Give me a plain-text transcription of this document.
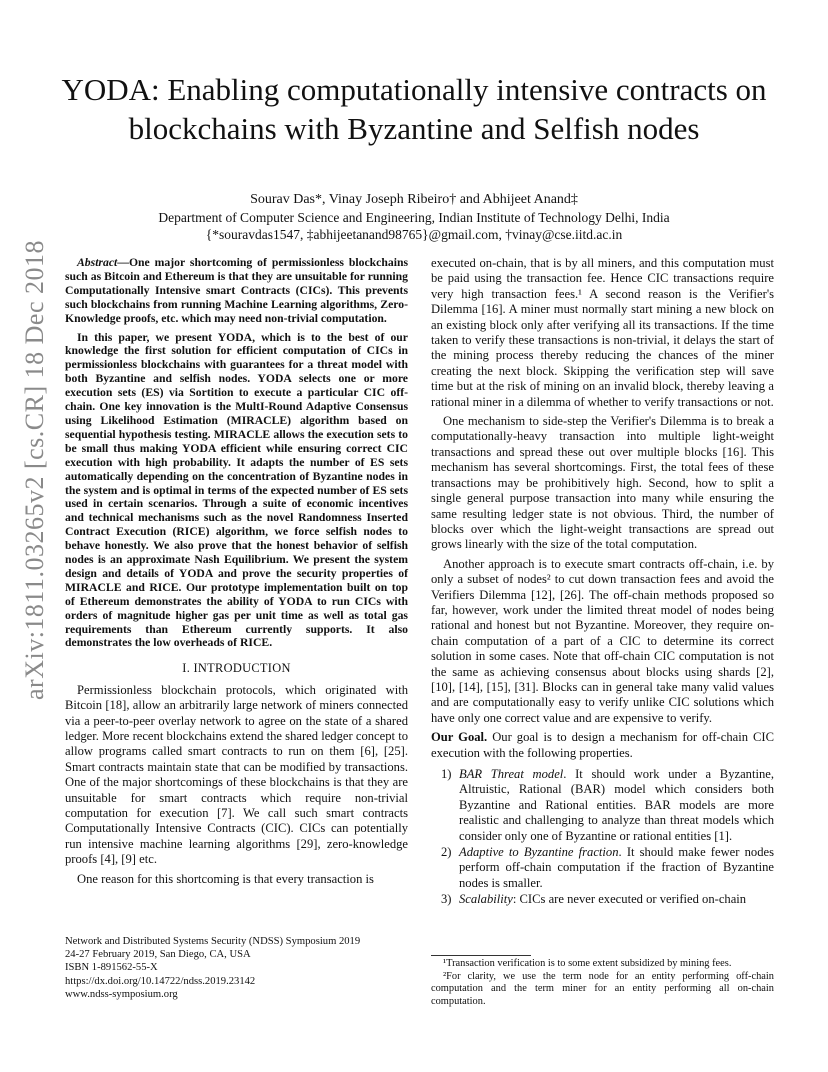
YODA: Enabling computationally intensive contracts on blockchains with Byzantine and Selfish nodes
Sourav Das*, Vinay Joseph Ribeiro† and Abhijeet Anand‡
Department of Computer Science and Engineering, Indian Institute of Technology Delhi, India
{*souravdas1547, ‡abhijeetanand98765}@gmail.com, †vinay@cse.iitd.ac.in
arXiv:1811.03265v2 [cs.CR] 18 Dec 2018	Abstract—One major shortcoming of permissionless blockchains such as Bitcoin and Ethereum is that they are unsuitable for running Computationally Intensive smart Contracts (CICs). This prevents such blockchains from running Machine Learning algorithms, Zero-Knowledge proofs, etc. which may need non-trivial computation.

In this paper, we present YODA, which is to the best of our knowledge the first solution for efficient computation of CICs in permissionless blockchains with guarantees for a threat model with both Byzantine and selfish nodes. YODA selects one or more execution sets (ES) via Sortition to execute a particular CIC off-chain. One key innovation is the MultI-Round Adaptive Consensus using Likelihood Estimation (MIRACLE) algorithm based on sequential hypothesis testing. MIRACLE allows the execution sets to be small thus making YODA efficient while ensuring correct CIC execution with high probability. It adapts the number of ES sets automatically depending on the concentration of Byzantine nodes in the system and is optimal in terms of the expected number of ES sets used in certain scenarios. Through a suite of economic incentives and technical mechanisms such as the novel Randomness Inserted Contract Execution (RICE) algorithm, we force selfish nodes to behave honestly. We also prove that the honest behavior of selfish nodes is an approximate Nash Equilibrium. We present the system design and details of YODA and prove the security properties of MIRACLE and RICE. Our prototype implementation built on top of Ethereum demonstrates the ability of YODA to run CICs with orders of magnitude higher gas per unit time as well as total gas requirements than Ethereum currently supports. It also demonstrates the low overheads of RICE.

I. INTRODUCTION

Permissionless blockchain protocols, which originated with Bitcoin [18], allow an arbitrarily large network of miners connected via a peer-to-peer overlay network to agree on the state of a shared ledger. More recent blockchains extend the shared ledger concept to allow programs called smart contracts to run on them [6], [25]. Smart contracts maintain state that can be modified by transactions. One of the major shortcomings of these blockchains is that they are unsuitable for smart contracts which require non-trivial computation for execution [7]. We call such smart contracts Computationally Intensive Contracts (CIC). CICs can potentially run intensive machine learning algorithms [29], zero-knowledge proofs [4], [9] etc.

One reason for this shortcoming is that every transaction is

executed on-chain, that is by all miners, and this computation must be paid using the transaction fee. Hence CIC transactions require very high transaction fees.¹ A second reason is the Verifier's Dilemma [16]. A miner must normally start mining a new block on an existing block only after verifying all its transactions. If the time taken to verify these transactions is non-trivial, it delays the start of the mining process thereby reducing the chances of the miner creating the next block. Skipping the verification step will save time but at the risk of mining on an invalid block, thereby leaving a rational miner in a dilemma of whether to verify transactions or not.

One mechanism to side-step the Verifier's Dilemma is to break a computationally-heavy transaction into multiple light-weight transactions and spread these out over multiple blocks [16]. This mechanism has several shortcomings. First, the total fees of these transactions may be prohibitively high. Second, how to split a single general purpose transaction into many while ensuring the same resulting ledger state is not obvious. Third, the number of blocks over which the light-weight transactions are spread out grows linearly with the size of the total computation.

Another approach is to execute smart contracts off-chain, i.e. by only a subset of nodes² to cut down transaction fees and avoid the Verifiers Dilemma [12], [26]. The off-chain methods proposed so far, however, work under the limited threat model of nodes being rational and honest but not Byzantine. Moreover, they require on-chain computation of a part of a CIC to determine its correct solution in some cases. Note that off-chain CIC computation is not the same as achieving consensus about blocks using shards [2], [10], [14], [15], [31]. Blocks can in general take many valid values and are computationally easy to verify unlike CIC solutions which have only one correct value and are expensive to verify.

Our Goal. Our goal is to design a mechanism for off-chain CIC execution with the following properties.

1) BAR Threat model. It should work under a Byzantine, Altruistic, Rational (BAR) model which considers both Byzantine and Rational entities. BAR models are more realistic and challenging to analyze than threat models which consider only one of Byzantine or rational entities [1].
2) Adaptive to Byzantine fraction. It should make fewer nodes perform off-chain computation if the fraction of Byzantine nodes is smaller.
3) Scalability: CICs are never executed or verified on-chain
Network and Distributed Systems Security (NDSS) Symposium 2019
24-27 February 2019, San Diego, CA, USA
ISBN 1-891562-55-X
https://dx.doi.org/10.14722/ndss.2019.23142
www.ndss-symposium.org

¹Transaction verification is to some extent subsidized by mining fees.

²For clarity, we use the term node for an entity performing off-chain computation and the term miner for an entity performing all on-chain computation.
